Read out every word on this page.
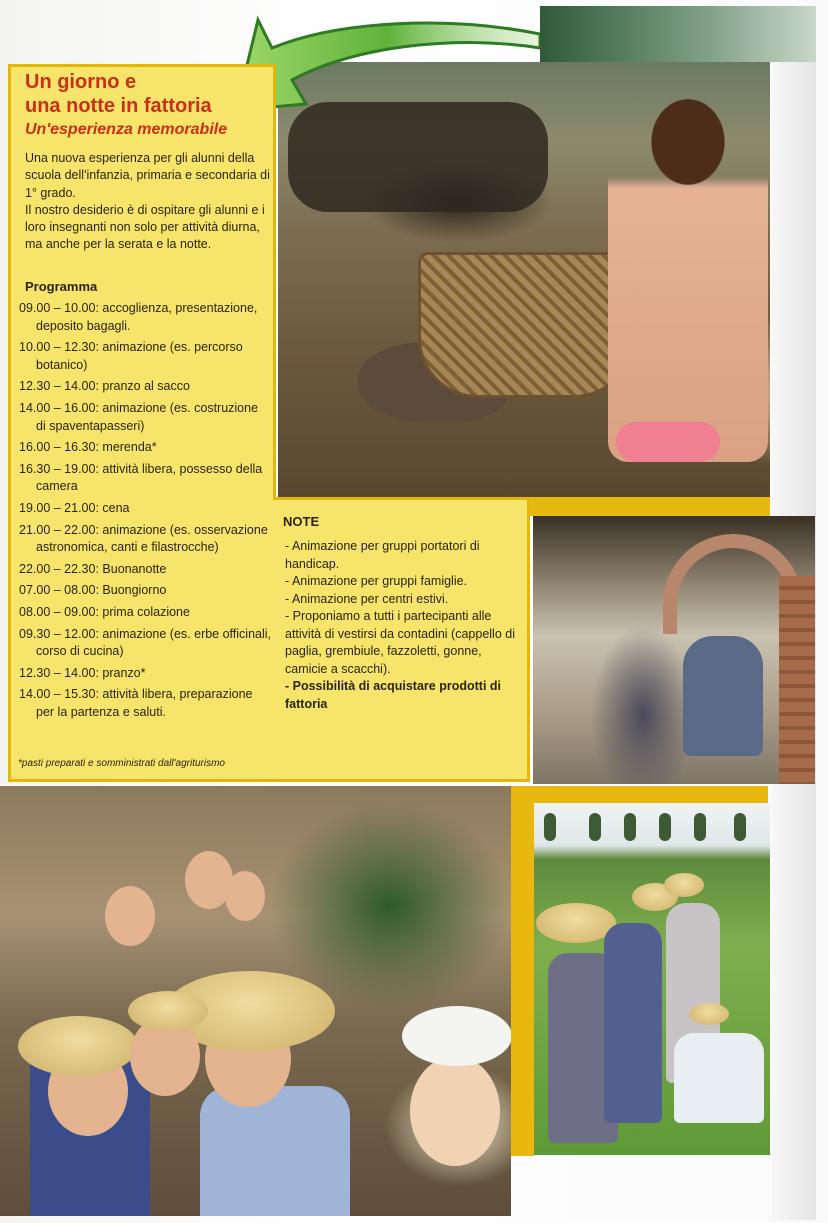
Un giorno e
una notte in fattoria
Un'esperienza memorabile

Una nuova esperienza per gli alunni della scuola dell'infanzia, primaria e secondaria di 1° grado.

Il nostro desiderio è di ospitare gli alunni e i loro insegnanti non solo per attività diurna, ma anche per la serata e la notte.

Programma
09.00 – 10.00: accoglienza, presentazione, deposito bagagli.
10.00 – 12.30: animazione (es. percorso botanico)
12.30 – 14.00: pranzo al sacco
14.00 – 16.00: animazione (es. costruzione di spaventapasseri)
16.00 – 16.30: merenda*
16.30 – 19.00: attività libera, possesso della camera
19.00 – 21.00: cena
21.00 – 22.00: animazione (es. osservazione astronomica, canti e filastrocche)
22.00 – 22.30: Buonanotte
07.00 – 08.00: Buongiorno
08.00 – 09.00: prima colazione
09.30 – 12.00: animazione (es. erbe officinali, corso di cucina)
12.30 – 14.00: pranzo*
14.00 – 15.30: attività libera, preparazione per la partenza e saluti.
*pasti preparati e somministrati dall'agriturismo
NOTE

- Animazione per gruppi portatori di handicap.

- Animazione per gruppi famiglie.

- Animazione per centri estivi.

- Proponiamo a tutti i partecipanti alle attività di vestirsi da contadini (cappello di paglia, grembiule, fazzoletti, gonne, camicie a scacchi).

- Possibilità di acquistare prodotti di fattoria
